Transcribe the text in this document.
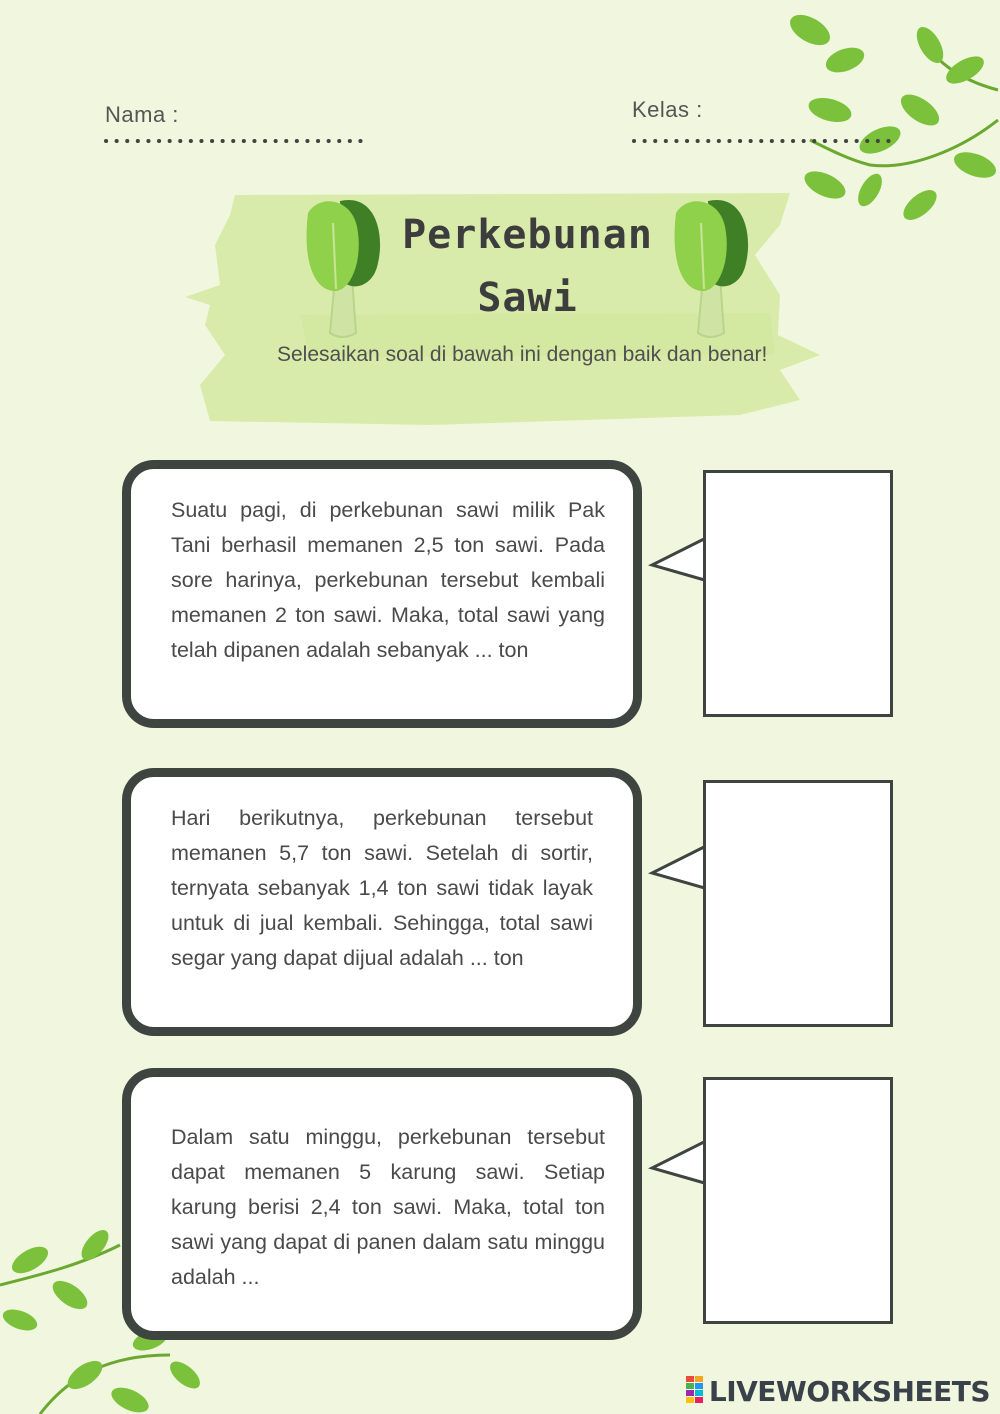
Nama :	Kelas :
Perkebunan
Sawi
Selesaikan soal di bawah ini dengan baik dan benar!

Suatu pagi, di perkebunan sawi milik Pak Tani berhasil memanen 2,5 ton sawi. Pada sore harinya, perkebunan tersebut kembali memanen 2 ton sawi. Maka, total sawi yang telah dipanen adalah sebanyak ... ton

Hari berikutnya, perkebunan tersebut memanen 5,7 ton sawi. Setelah di sortir, ternyata sebanyak 1,4 ton sawi tidak layak untuk di jual kembali. Sehingga, total sawi segar yang dapat dijual adalah ... ton

Dalam satu minggu, perkebunan tersebut dapat memanen 5 karung sawi. Setiap karung berisi 2,4 ton sawi. Maka, total ton sawi yang dapat di panen dalam satu minggu adalah ...

LIVEWORKSHEETS
